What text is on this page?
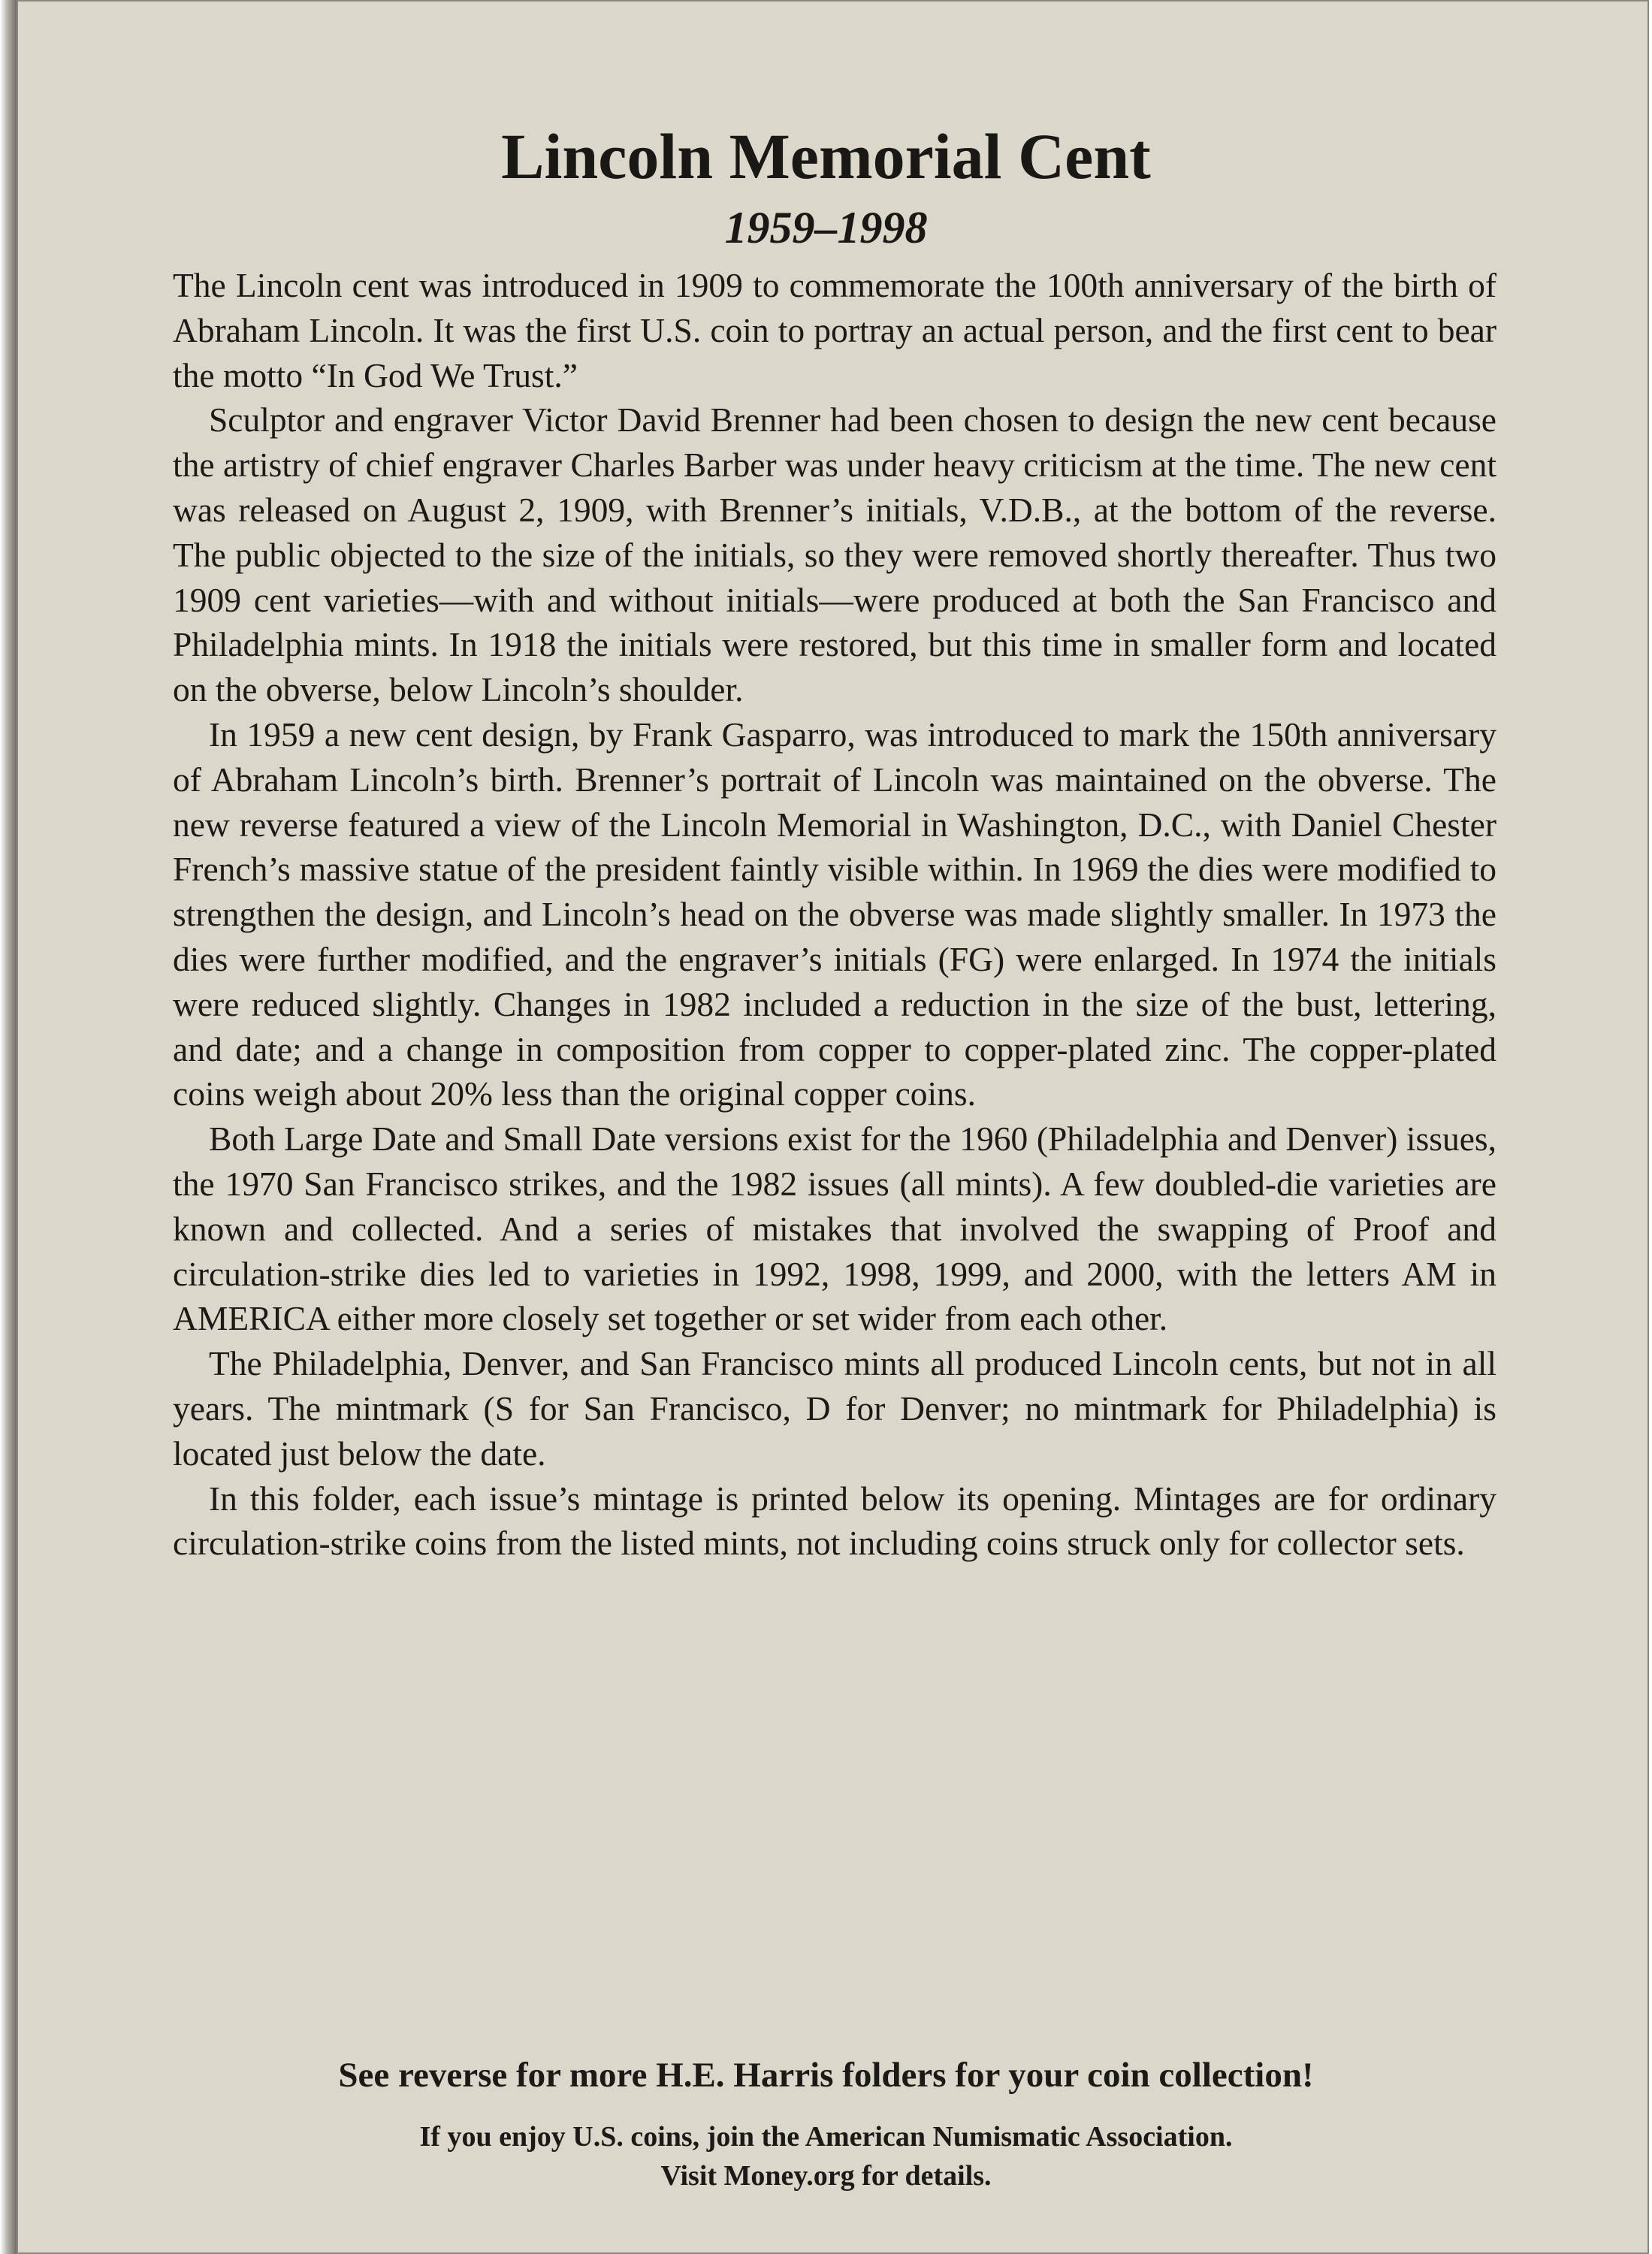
Lincoln Memorial Cent
1959–1998

The Lincoln cent was introduced in 1909 to commemorate the 100th anniversary of the birth of Abraham Lincoln. It was the first U.S. coin to portray an actual person, and the first cent to bear the motto “In God We Trust.”

Sculptor and engraver Victor David Brenner had been chosen to design the new cent because the artistry of chief engraver Charles Barber was under heavy criticism at the time. The new cent was released on August 2, 1909, with Brenner’s initials, V.D.B., at the bottom of the reverse. The public objected to the size of the initials, so they were removed shortly thereafter. Thus two 1909 cent varieties—with and without initials—were produced at both the San Francisco and Philadelphia mints. In 1918 the initials were restored, but this time in smaller form and located on the obverse, below Lincoln’s shoulder.

In 1959 a new cent design, by Frank Gasparro, was introduced to mark the 150th anniversary of Abraham Lincoln’s birth. Brenner’s portrait of Lincoln was maintained on the obverse. The new reverse featured a view of the Lincoln Memorial in Washington, D.C., with Daniel Chester French’s massive statue of the president faintly visible within. In 1969 the dies were modified to strengthen the design, and Lincoln’s head on the obverse was made slightly smaller. In 1973 the dies were further modified, and the engraver’s initials (FG) were enlarged. In 1974 the initials were reduced slightly. Changes in 1982 included a reduction in the size of the bust, lettering, and date; and a change in composition from copper to copper-plated zinc. The copper-plated coins weigh about 20% less than the original copper coins.

Both Large Date and Small Date versions exist for the 1960 (Philadelphia and Denver) issues, the 1970 San Francisco strikes, and the 1982 issues (all mints). A few doubled-die varieties are known and collected. And a series of mistakes that involved the swapping of Proof and circulation-strike dies led to varieties in 1992, 1998, 1999, and 2000, with the letters AM in AMERICA either more closely set together or set wider from each other.

The Philadelphia, Denver, and San Francisco mints all produced Lincoln cents, but not in all years. The mintmark (S for San Francisco, D for Denver; no mintmark for Philadelphia) is located just below the date.

In this folder, each issue’s mintage is printed below its opening. Mintages are for ordinary circulation-strike coins from the listed mints, not including coins struck only for collector sets.

See reverse for more H.E. Harris folders for your coin collection!
If you enjoy U.S. coins, join the American Numismatic Association.
Visit Money.org for details.
